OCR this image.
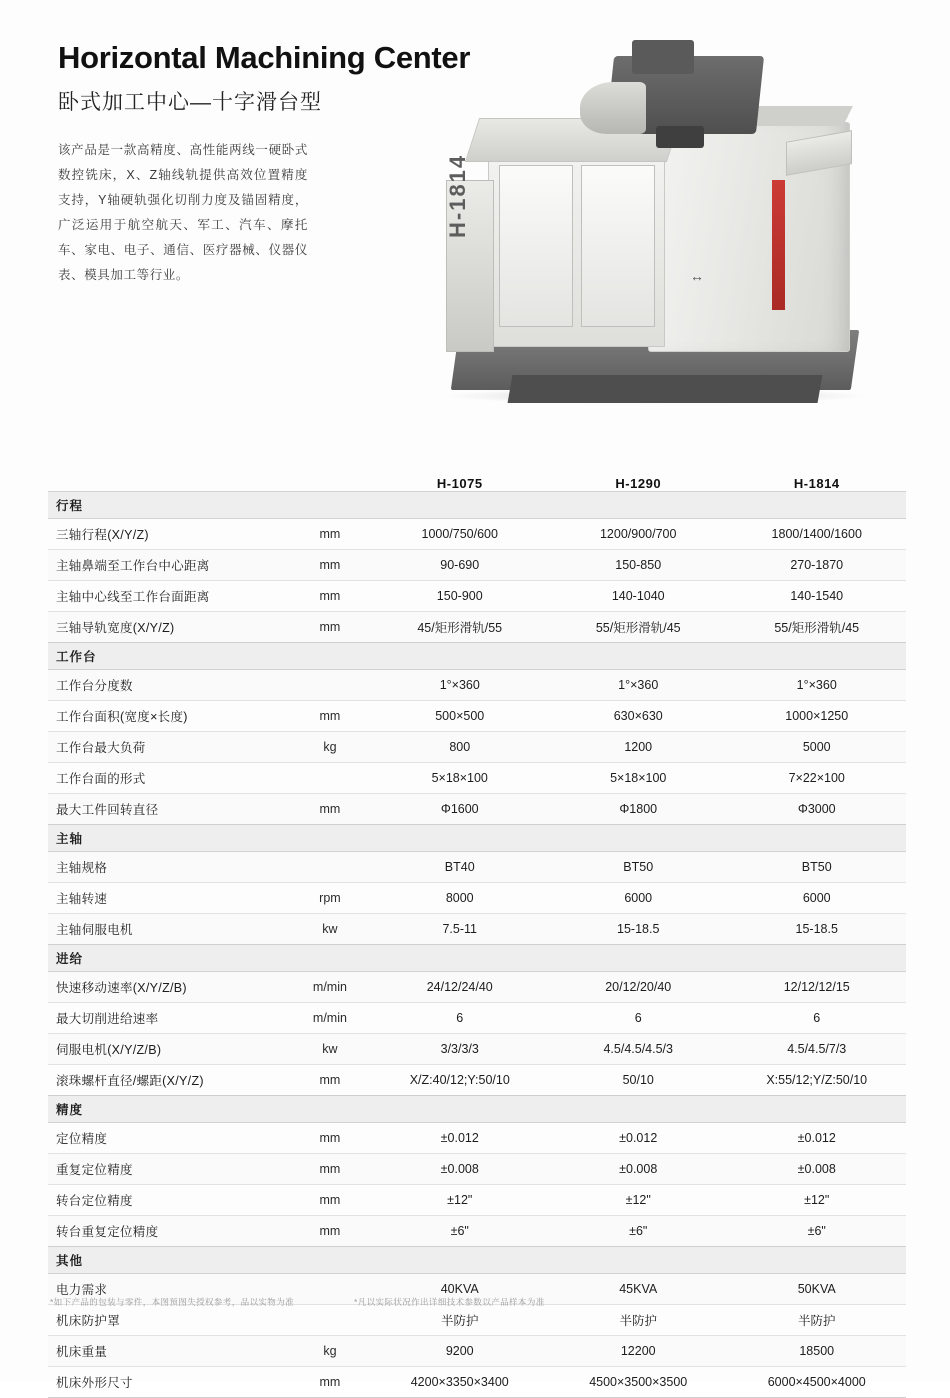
Horizontal Machining Center
卧式加工中心—十字滑台型
该产品是一款高精度、高性能两线一硬卧式数控铣床，X、Z轴线轨提供高效位置精度支持，Y轴硬轨强化切削力度及锚固精度，广泛运用于航空航天、军工、汽车、摩托车、家电、电子、通信、医疗器械、仪器仪表、模具加工等行业。	↔
		H-1075	H-1290	H-1814
行程				
三轴行程(X/Y/Z)	mm	1000/750/600	1200/900/700	1800/1400/1600
主轴鼻端至工作台中心距离	mm	90-690	150-850	270-1870
主轴中心线至工作台面距离	mm	150-900	140-1040	140-1540
三轴导轨宽度(X/Y/Z)	mm	45/矩形滑轨/55	55/矩形滑轨/45	55/矩形滑轨/45
工作台				
工作台分度数		1°×360	1°×360	1°×360
工作台面积(宽度×长度)	mm	500×500	630×630	1000×1250
工作台最大负荷	kg	800	1200	5000
工作台面的形式		5×18×100	5×18×100	7×22×100
最大工件回转直径	mm	Φ1600	Φ1800	Φ3000
主轴				
主轴规格		BT40	BT50	BT50
主轴转速	rpm	8000	6000	6000
主轴伺服电机	kw	7.5-11	15-18.5	15-18.5
进给				
快速移动速率(X/Y/Z/B)	m/min	24/12/24/40	20/12/20/40	12/12/12/15
最大切削进给速率	m/min	6	6	6
伺服电机(X/Y/Z/B)	kw	3/3/3/3	4.5/4.5/4.5/3	4.5/4.5/7/3
滚珠螺杆直径/螺距(X/Y/Z)	mm	X/Z:40/12;Y:50/10	50/10	X:55/12;Y/Z:50/10
精度				
定位精度	mm	±0.012	±0.012	±0.012
重复定位精度	mm	±0.008	±0.008	±0.008
转台定位精度	mm	±12"	±12"	±12"
转台重复定位精度	mm	±6"	±6"	±6"
其他				
电力需求		40KVA	45KVA	50KVA
机床防护罩		半防护	半防护	半防护
机床重量	kg	9200	12200	18500
机床外形尺寸	mm	4200×3350×3400	4500×3500×3500	6000×4500×4000
*如下产品的包装与零件，本图预图失授权参考，品以实物为准	*凡以实际状况作出详细技术参数以产品样本为准
